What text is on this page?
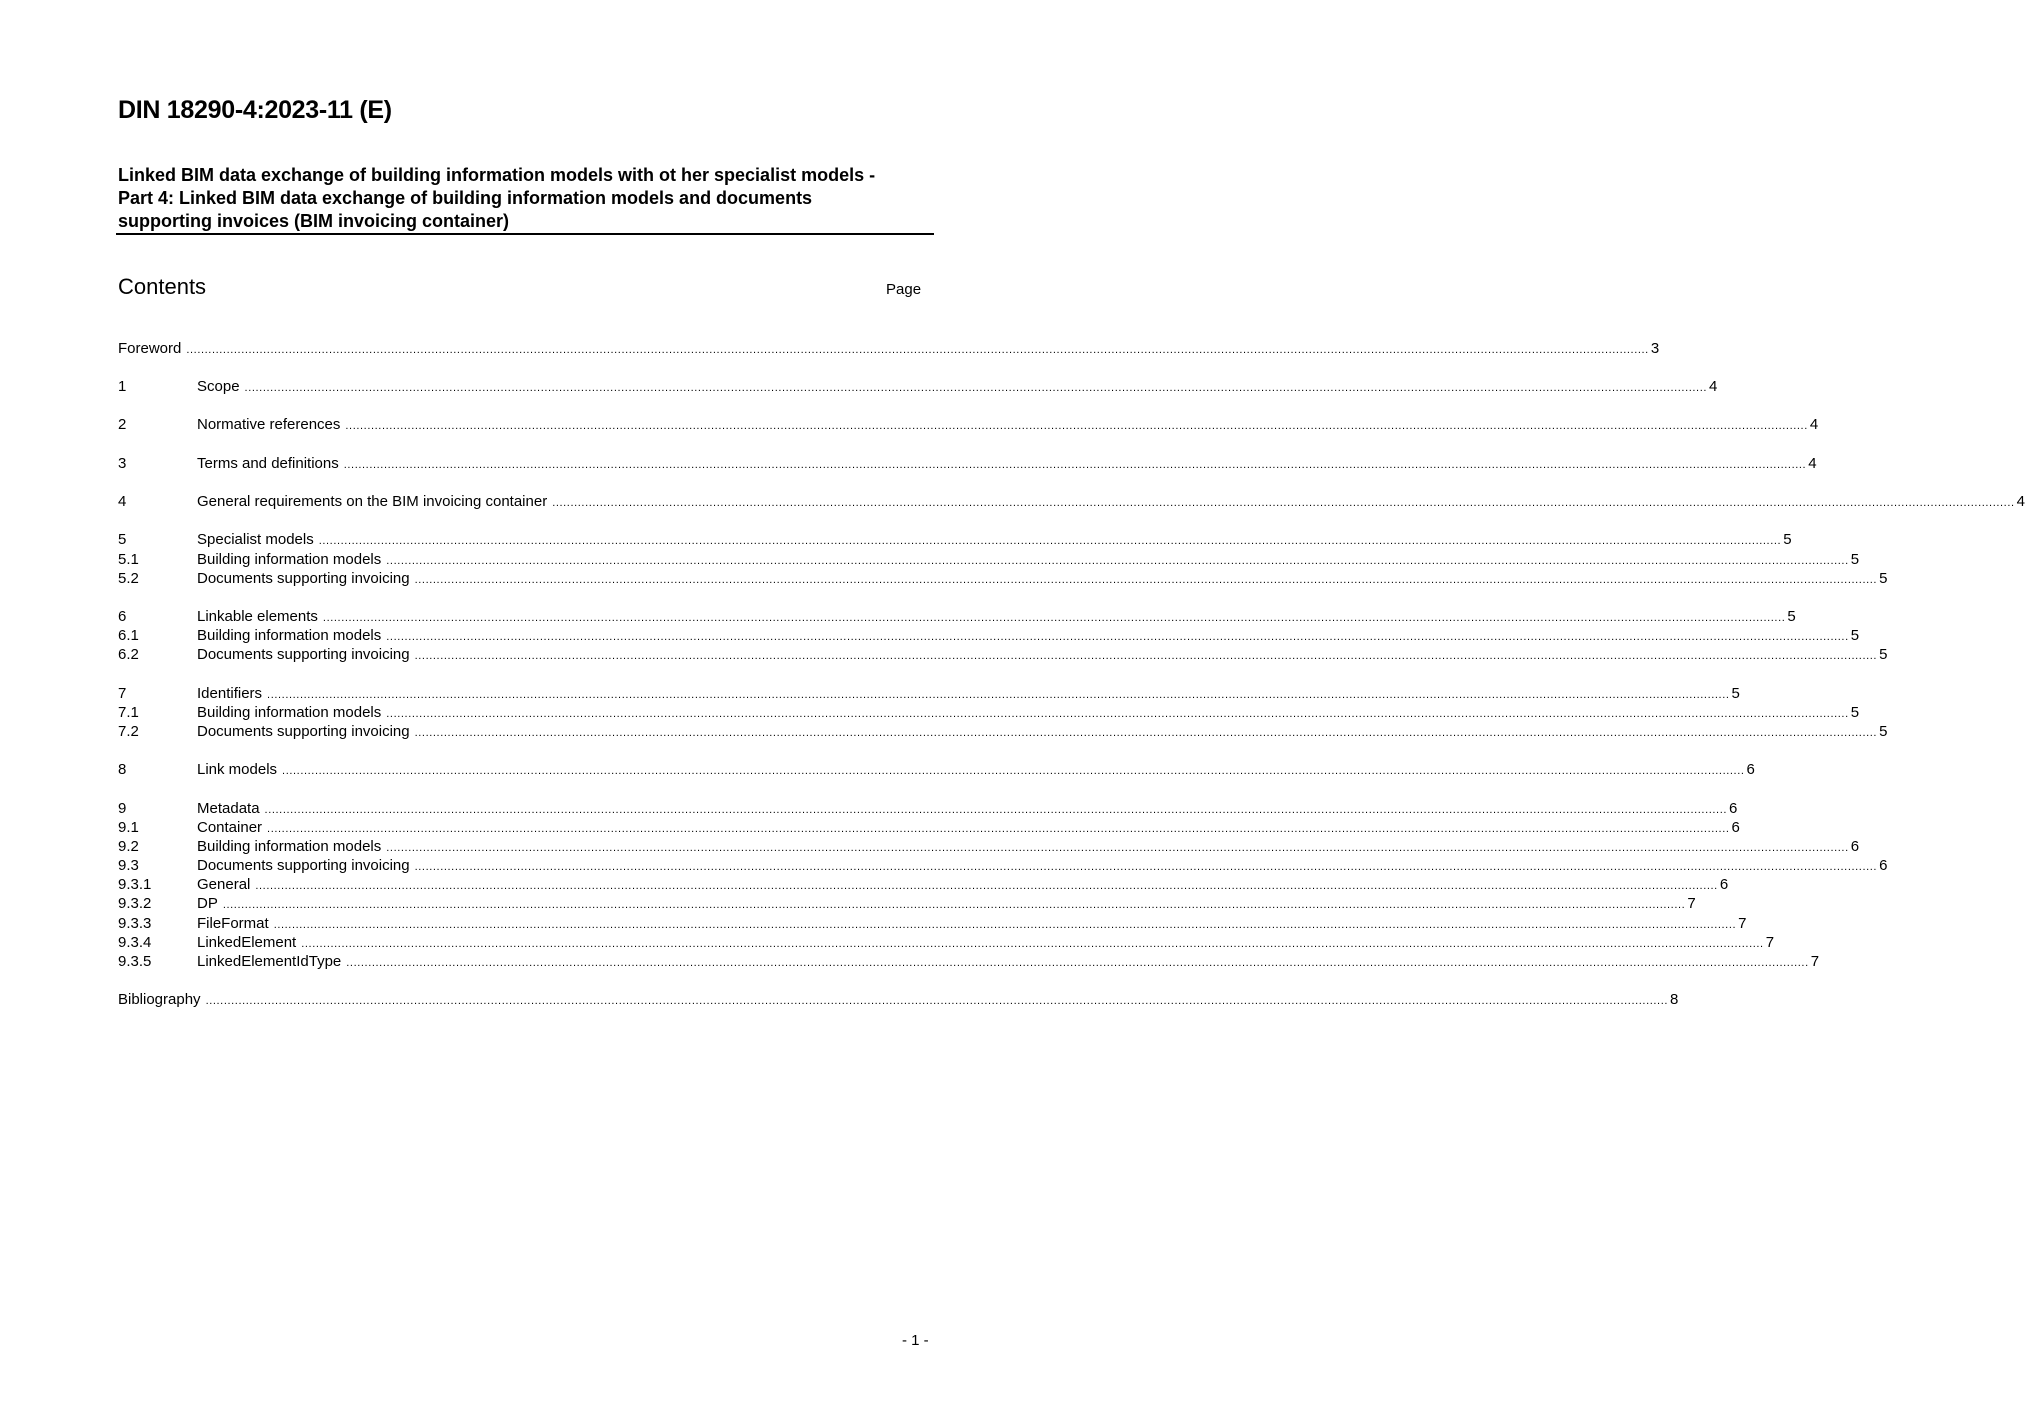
DIN 18290-4:2023-11 (E)

Linked BIM data exchange of building information models with ot her specialist models - Part 4: Linked BIM data exchange of building information models and documents supporting invoices (BIM invoicing container)

Contents	Page
Foreword ................................................................................................................................................................................................................................................................................................................................................................................................................ 3
1	Scope ................................................................................................................................................................................................................................................................................................................................................................................................................ 4
2	Normative references ................................................................................................................................................................................................................................................................................................................................................................................................................ 4
3	Terms and definitions ................................................................................................................................................................................................................................................................................................................................................................................................................ 4
4	General requirements on the BIM invoicing container ................................................................................................................................................................................................................................................................................................................................................................................................................ 4
5	Specialist models ................................................................................................................................................................................................................................................................................................................................................................................................................ 5
5.1	Building information models ................................................................................................................................................................................................................................................................................................................................................................................................................ 5
5.2	Documents supporting invoicing ................................................................................................................................................................................................................................................................................................................................................................................................................ 5
6	Linkable elements ................................................................................................................................................................................................................................................................................................................................................................................................................ 5
6.1	Building information models ................................................................................................................................................................................................................................................................................................................................................................................................................ 5
6.2	Documents supporting invoicing ................................................................................................................................................................................................................................................................................................................................................................................................................ 5
7	Identifiers ................................................................................................................................................................................................................................................................................................................................................................................................................ 5
7.1	Building information models ................................................................................................................................................................................................................................................................................................................................................................................................................ 5
7.2	Documents supporting invoicing ................................................................................................................................................................................................................................................................................................................................................................................................................ 5
8	Link models ................................................................................................................................................................................................................................................................................................................................................................................................................ 6
9	Metadata ................................................................................................................................................................................................................................................................................................................................................................................................................ 6
9.1	Container ................................................................................................................................................................................................................................................................................................................................................................................................................ 6
9.2	Building information models ................................................................................................................................................................................................................................................................................................................................................................................................................ 6
9.3	Documents supporting invoicing ................................................................................................................................................................................................................................................................................................................................................................................................................ 6
9.3.1	General ................................................................................................................................................................................................................................................................................................................................................................................................................ 6
9.3.2	DP ................................................................................................................................................................................................................................................................................................................................................................................................................ 7
9.3.3	FileFormat ................................................................................................................................................................................................................................................................................................................................................................................................................ 7
9.3.4	LinkedElement ................................................................................................................................................................................................................................................................................................................................................................................................................ 7
9.3.5	LinkedElementIdType ................................................................................................................................................................................................................................................................................................................................................................................................................ 7
Bibliography ................................................................................................................................................................................................................................................................................................................................................................................................................ 8
- 1 -
